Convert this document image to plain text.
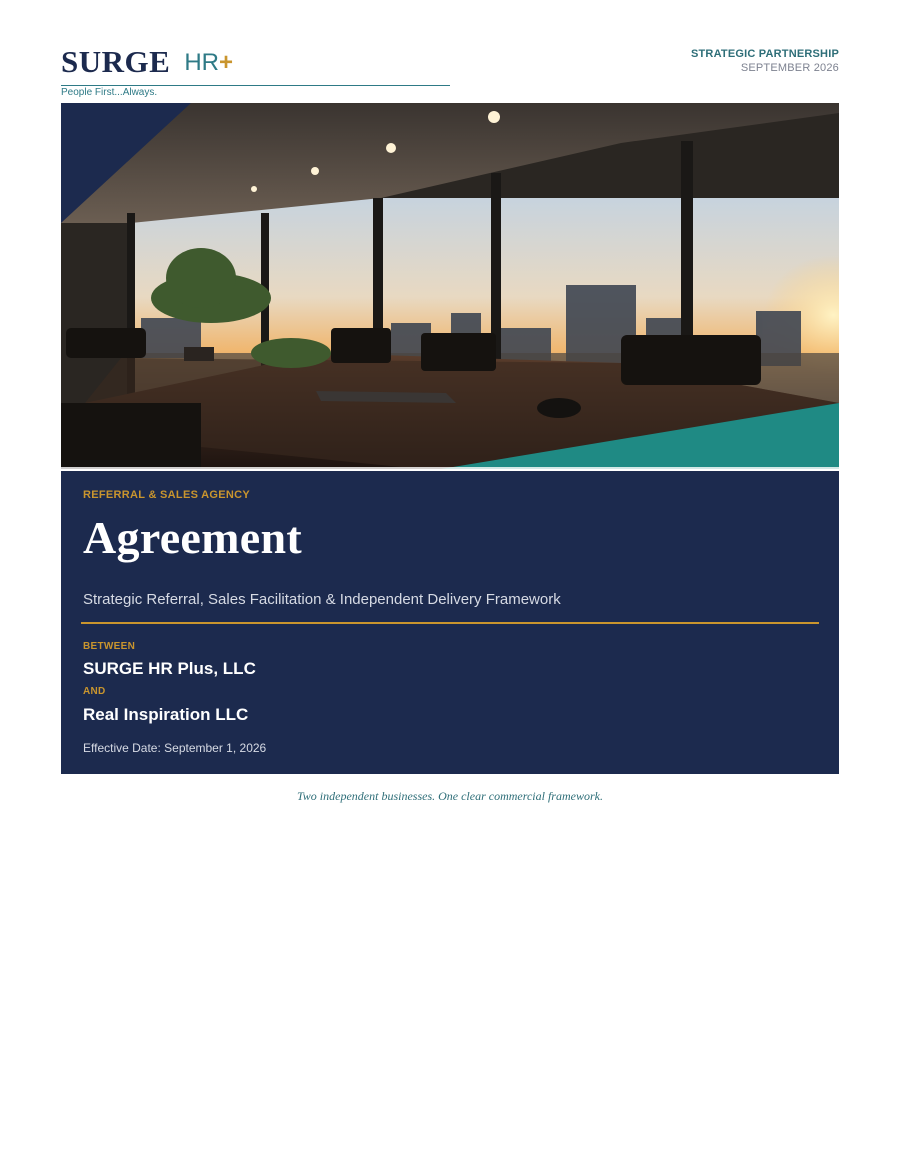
SURGE HR+
People First...Always.
STRATEGIC PARTNERSHIP
SEPTEMBER 2026
REFERRAL & SALES AGENCY
Agreement
Strategic Referral, Sales Facilitation & Independent Delivery Framework
BETWEEN
SURGE HR Plus, LLC
AND
Real Inspiration LLC
Effective Date: September 1, 2026
Two independent businesses. One clear commercial framework.
